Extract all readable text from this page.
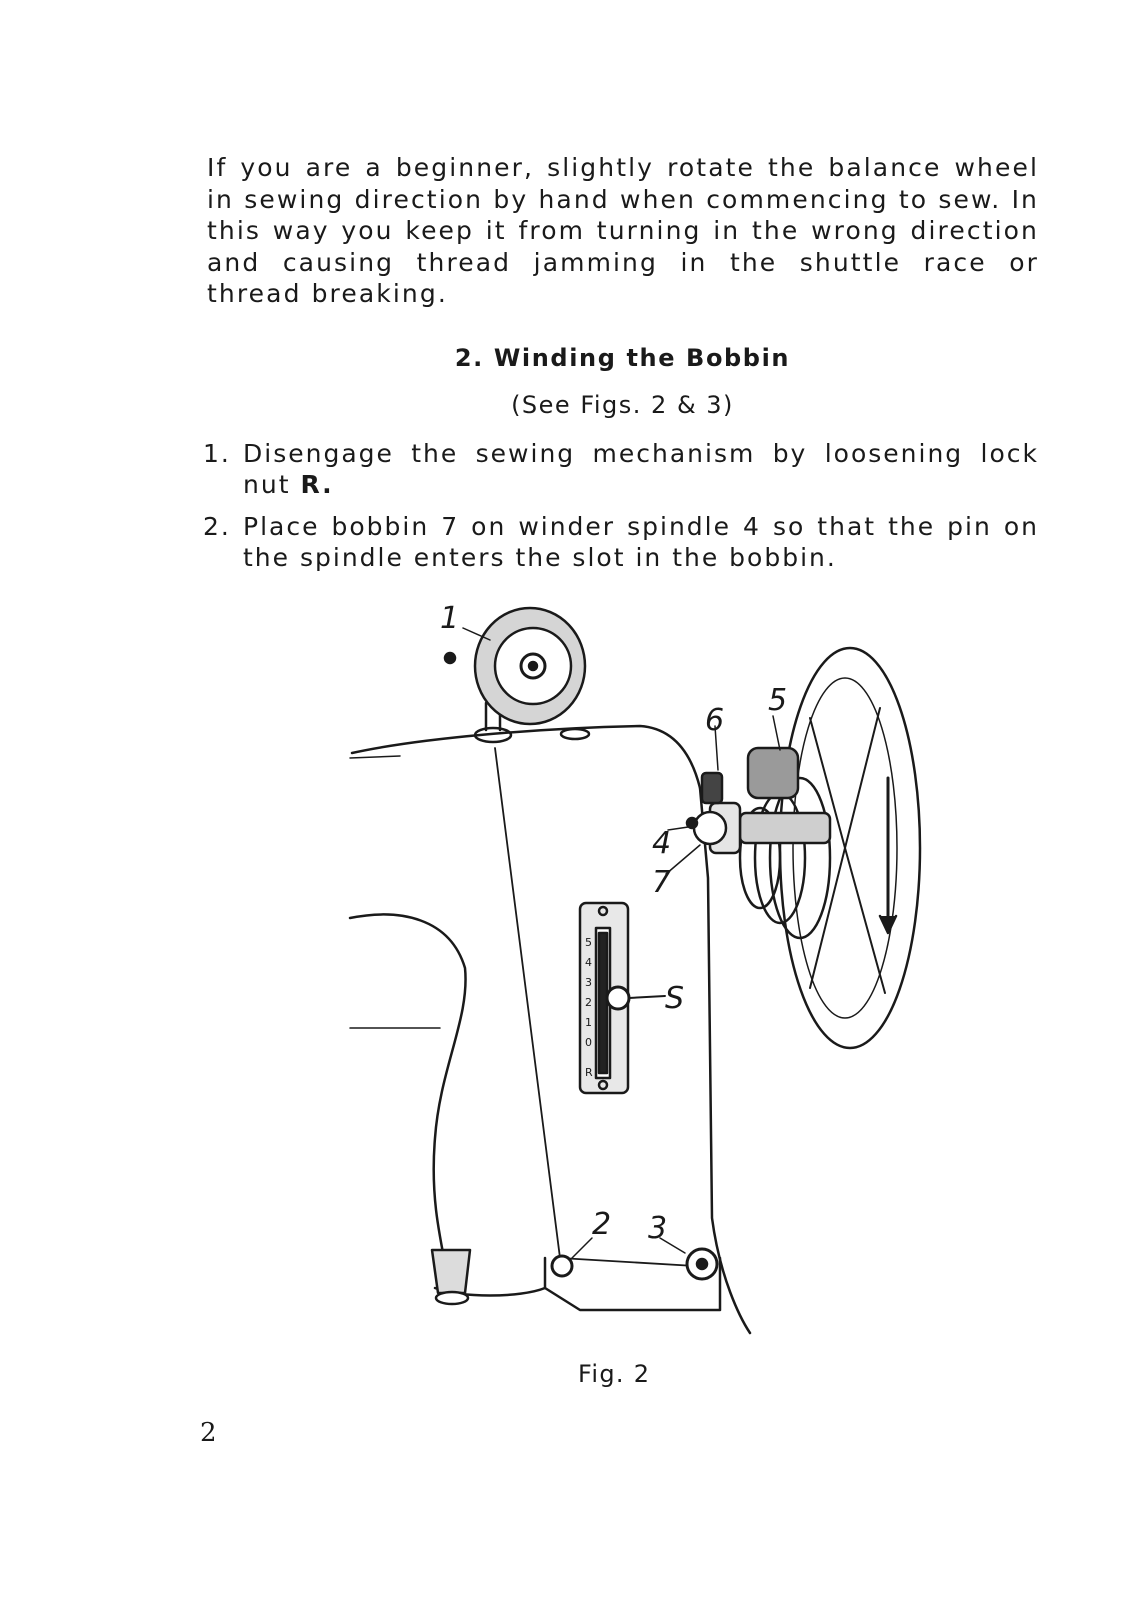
If you are a beginner, slightly rotate the balance wheel in sewing direction by hand when commencing to sew. In this way you keep it from turning in the wrong direction and causing thread jamming in the shuttle race or thread breaking.

2. Winding the Bobbin
(See Figs. 2 & 3)
1. Disengage the sewing mechanism by loosening lock nut R.
2. Place bobbin 7 on winder spindle 4 so that the pin on the spindle enters the slot in the bobbin.
1
2 3
4
5
6
7
S
5
4
3
2
1
0
R
Fig. 2
2
